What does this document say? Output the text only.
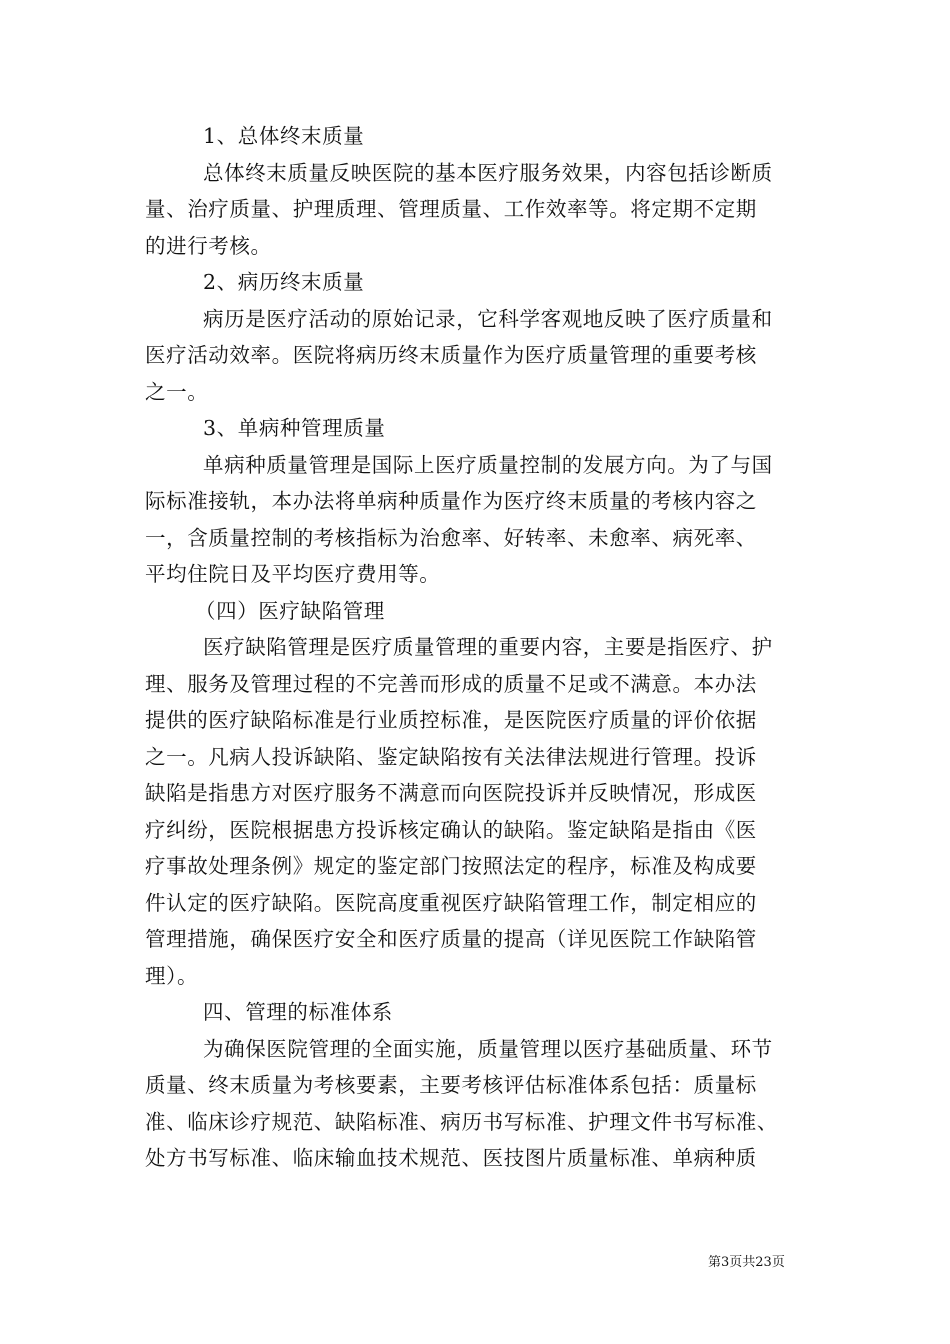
1、总体终末质量
总体终末质量反映医院的基本医疗服务效果，内容包括诊断质
量、治疗质量、护理质理、管理质量、工作效率等。将定期不定期
的进行考核。
2、病历终末质量
病历是医疗活动的原始记录，它科学客观地反映了医疗质量和
医疗活动效率。医院将病历终末质量作为医疗质量管理的重要考核
之一。
3、单病种管理质量
单病种质量管理是国际上医疗质量控制的发展方向。为了与国
际标准接轨，本办法将单病种质量作为医疗终末质量的考核内容之
一，含质量控制的考核指标为治愈率、好转率、未愈率、病死率、
平均住院日及平均医疗费用等。
（四）医疗缺陷管理
医疗缺陷管理是医疗质量管理的重要内容，主要是指医疗、护
理、服务及管理过程的不完善而形成的质量不足或不满意。本办法
提供的医疗缺陷标准是行业质控标准，是医院医疗质量的评价依据
之一。凡病人投诉缺陷、鉴定缺陷按有关法律法规进行管理。投诉
缺陷是指患方对医疗服务不满意而向医院投诉并反映情况，形成医
疗纠纷，医院根据患方投诉核定确认的缺陷。鉴定缺陷是指由《医
疗事故处理条例》规定的鉴定部门按照法定的程序，标准及构成要
件认定的医疗缺陷。医院高度重视医疗缺陷管理工作，制定相应的
管理措施，确保医疗安全和医疗质量的提高（详见医院工作缺陷管
理）。
四、管理的标准体系
为确保医院管理的全面实施，质量管理以医疗基础质量、环节
质量、终末质量为考核要素，主要考核评估标准体系包括：质量标
准、临床诊疗规范、缺陷标准、病历书写标准、护理文件书写标准、
处方书写标准、临床输血技术规范、医技图片质量标准、单病种质
第3页共23页
